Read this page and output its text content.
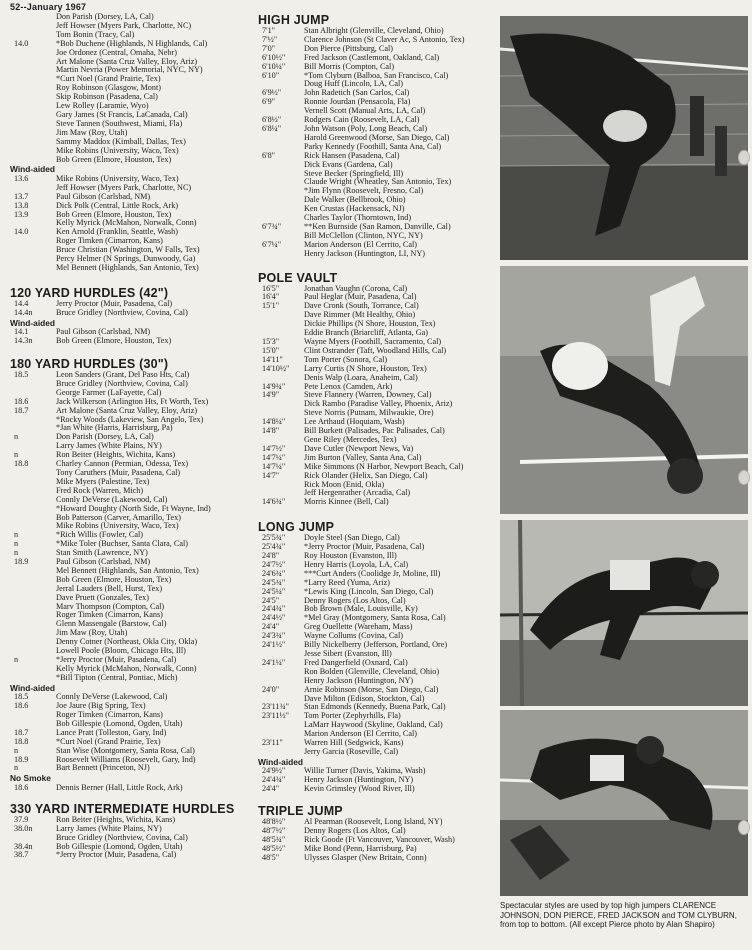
52--January 1967
Don Parish (Dorsey, LA, Cal)
Jeff Howser (Myers Park, Charlotte, NC)
Tom Bonin (Tracy, Cal)
14.0	*Bob Duchene (Highlands, N Highlands, Cal)
Joe Ordonez (Central, Omaha, Nebr)
Art Malone (Santa Cruz Valley, Eloy, Ariz)
Martin Nevria (Power Memorial, NYC, NY)
*Curt Noel (Grand Prairie, Tex)
Roy Robinson (Glasgow, Mont)
Skip Robinson (Pasadena, Cal)
Lew Rolley (Laramie, Wyo)
Gary James (St Francis, LaCanada, Cal)
Steve Tannen (Southwest, Miami, Fla)
Jim Maw (Roy, Utah)
Sammy Maddox (Kimball, Dallas, Tex)
Mike Robins (University, Waco, Tex)
Bob Green (Elmore, Houston, Tex)
Wind-aided
13.6	Mike Robins (University, Waco, Tex)
Jeff Howser (Myers Park, Charlotte, NC)
13.7	Paul Gibson (Carlsbad, NM)
13.8	Dick Polk (Central, Little Rock, Ark)
13.9	Bob Green (Elmore, Houston, Tex)
Kelly Myrick (McMahon, Norwalk, Conn)
14.0	Ken Arnold (Franklin, Seattle, Wash)
Roger Timken (Cimarron, Kans)
Bruce Christian (Washington, W Falls, Tex)
Percy Helmer (N Springs, Dunwoody, Ga)
Mel Bennett (Highlands, San Antonio, Tex)
120 YARD HURDLES (42")
14.4	Jerry Proctor (Muir, Pasadena, Cal)
14.4n	Bruce Gridley (Northview, Covina, Cal)
Wind-aided
14.1	Paul Gibson (Carlsbad, NM)
14.3n	Bob Green (Elmore, Houston, Tex)
180 YARD HURDLES (30")
18.5	Leon Sanders (Grant, Del Paso Hts, Cal)
Bruce Gridley (Northview, Covina, Cal)
George Farmer (LaFayette, Cal)
18.6	Jack Wilkerson (Arlington Hts, Ft Worth, Tex)
18.7	Art Malone (Santa Cruz Valley, Eloy, Ariz)
*Rocky Woods (Lakeview, San Angelo, Tex)
*Jan White (Harris, Harrisburg, Pa)
n	Don Parish (Dorsey, LA, Cal)
Larry James (White Plains, NY)
n	Ron Beiter (Heights, Wichita, Kans)
18.8	Charley Cannon (Permian, Odessa, Tex)
Tony Caruthers (Muir, Pasadena, Cal)
Mike Myers (Palestine, Tex)
Fred Rock (Warren, Mich)
Connly DeVerse (Lakewood, Cal)
*Howard Doughty (North Side, Ft Wayne, Ind)
Bob Patterson (Carver, Amarillo, Tex)
Mike Robins (University, Waco, Tex)
n	*Rich Willis (Fowler, Cal)
n	*Mike Toler (Buchser, Santa Clara, Cal)
n	Stan Smith (Lawrence, NY)
18.9	Paul Gibson (Carlsbad, NM)
Mel Bennett (Highlands, San Antonio, Tex)
Bob Green (Elmore, Houston, Tex)
Jerral Lauders (Bell, Hurst, Tex)
Dave Pruett (Gonzales, Tex)
Marv Thompson (Compton, Cal)
Roger Timken (Cimarron, Kans)
Glenn Massengale (Barstow, Cal)
Jim Maw (Roy, Utah)
Denny Cotner (Northeast, Okla City, Okla)
Lowell Poole (Bloom, Chicago Hts, Ill)
n	*Jerry Proctor (Muir, Pasadena, Cal)
Kelly Myrick (McMahon, Norwalk, Conn)
*Bill Tipton (Central, Pontiac, Mich)
Wind-aided
18.5	Connly DeVerse (Lakewood, Cal)
18.6	Joe Jaure (Big Spring, Tex)
Roger Timken (Cimarron, Kans)
Bob Gillespie (Lomond, Ogden, Utah)
18.7	Lance Pratt (Tolleston, Gary, Ind)
18.8	*Curt Noel (Grand Prairie, Tex)
n	Stan Wise (Montgomery, Santa Rosa, Cal)
18.9	Roosevelt Williams (Roosevelt, Gary, Ind)
n	Bart Bennett (Princeton, NJ)
No Smoke
18.6	Dennis Berner (Hall, Little Rock, Ark)
330 YARD INTERMEDIATE HURDLES
37.9	Ron Beiter (Heights, Wichita, Kans)
38.0n	Larry James (White Plains, NY)
Bruce Gridley (Northview, Covina, Cal)
38.4n	Bob Gillespie (Lomond, Ogden, Utah)
38.7	*Jerry Proctor (Muir, Pasadena, Cal)
HIGH JUMP
7'1"	Stan Albright (Glenville, Cleveland, Ohio)
7'½"	Clarence Johnson (St Claver Ac, S Antonio, Tex)
7'0"	Don Pierce (Pittsburg, Cal)
6'10½" Fred Jackson (Castlemont, Oakland, Cal)
6'10¼" Bill Morris (Compton, Cal)
6'10"	*Tom Clyburn (Balboa, San Francisco, Cal)
Doug Huff (Lincoln, LA, Cal)
6'9½"	John Radetich (San Carlos, Cal)
6'9"	Ronnie Jourdan (Pensacola, Fla)
Vernell Scott (Manual Arts, LA, Cal)
6'8½"	Rodgers Cain (Roosevelt, LA, Cal)
6'8¼"	John Watson (Poly, Long Beach, Cal)
Harold Greenwood (Morse, San Diego, Cal)
Parky Kennedy (Foothill, Santa Ana, Cal)
6'8"	Rick Hansen (Pasadena, Cal)
Dick Evans (Gardena, Cal)
Steve Becker (Springfield, Ill)
Claude Wright (Wheatley, San Antonio, Tex)
*Jim Flynn (Roosevelt, Fresno, Cal)
Dale Walker (Bellbrook, Ohio)
Ken Crustas (Hackensack, NJ)
Charles Taylor (Thorntown, Ind)
6'7¾"	**Ken Burnside (San Ramon, Danville, Cal)
Bill McClellon (Clinton, NYC, NY)
6'7¼"	Marion Anderson (El Cerrito, Cal)
Henry Jackson (Huntington, LI, NY)
POLE VAULT
16'5"	Jonathan Vaughn (Corona, Cal)
16'4"	Paul Heglar (Muir, Pasadena, Cal)
15'1"	Dave Cronk (South, Torrance, Cal)
Dave Rimmer (Mt Healthy, Ohio)
Dickie Phillips (N Shore, Houston, Tex)
Eddie Branch (Briarcliff, Atlanta, Ga)
15'3"	Wayne Myers (Foothill, Sacramento, Cal)
15'0"	Clint Ostrander (Taft, Woodland Hills, Cal)
14'11"	Tom Porter (Sonora, Cal)
14'10½" Larry Curtis (N Shore, Houston, Tex)
Denis Walp (Loara, Anaheim, Cal)
14'9¾" Pete Lenox (Camden, Ark)
14'9"	Steve Flannery (Warren, Downey, Cal)
Dick Rambo (Paradise Valley, Phoenix, Ariz)
Steve Norris (Putnam, Milwaukie, Ore)
14'8¼" Lee Arthaud (Hoquiam, Wash)
14'8"	Bill Burkett (Palisades, Pac Palisades, Cal)
Gene Riley (Mercedes, Tex)
14'7½" Dave Cutler (Newport News, Va)
14'7¼" Jim Burton (Valley, Santa Ana, Cal)
14'7¼" Mike Simmons (N Harbor, Newport Beach, Cal)
14'7"	Rick Olander (Helix, San Diego, Cal)
Rick Moon (Enid, Okla)
Jeff Hergenrather (Arcadia, Cal)
14'6¾" Morris Kinnee (Bell, Cal)
LONG JUMP
25'5¾" Doyle Steel (San Diego, Cal)
25'4¾" *Jerry Proctor (Muir, Pasadena, Cal)
24'8"	Roy Houston (Evanston, Ill)
24'7½" Henry Harris (Loyola, LA, Cal)
24'6¾" ***Curt Anders (Coolidge Jr, Moline, Ill)
24'5¾" *Larry Reed (Yuma, Ariz)
24'5¼" *Lewis King (Lincoln, San Diego, Cal)
24'5"	Denny Rogers (Los Altos, Cal)
24'4¾" Bob Brown (Male, Louisville, Ky)
24'4½" *Mel Gray (Montgomery, Santa Rosa, Cal)
24'4"	Greg Ouellette (Wareham, Mass)
24'3¾" Wayne Collums (Covina, Cal)
24'1½" Billy Nickelberry (Jefferson, Portland, Ore)
Jesse Sibert (Evanston, Ill)
24'1¼" Fred Dangerfield (Oxnard, Cal)
Ron Bolden (Glenville, Cleveland, Ohio)
Henry Jackson (Huntington, NY)
24'0"	Arnie Robinson (Morse, San Diego, Cal)
Dave Milton (Edison, Stockton, Cal)
23'11¾" Stan Edmonds (Kennedy, Buena Park, Cal)
23'11½" Tom Porter (Zephyrhills, Fla)
LaMarr Haywood (Skyline, Oakland, Cal)
Marion Anderson (El Cerrito, Cal)
23'11"	Warren Hill (Sedgwick, Kans)
Jerry Garcia (Roseville, Cal)
Wind-aided
24'9½" Willie Turner (Davis, Yakima, Wash)
24'4¾" Henry Jackson (Huntington, NY)
24'4"	Kevin Grimsley (Wood River, Ill)
TRIPLE JUMP
48'8½" Al Pearman (Roosevelt, Long Island, NY)
48'7½" Denny Rogers (Los Altos, Cal)
48'5¾" Rick Goode (Ft Vancouver, Vancouver, Wash)
48'5½" Mike Bond (Penn, Harrisburg, Pa)
48'5"	Ulysses Glasper (New Britain, Conn)
Spectacular styles are used by top high jumpers CLARENCE JOHNSON, DON PIERCE, FRED JACKSON and TOM CLYBURN, from top to bottom. (All except Pierce photo by Alan Shapiro)
